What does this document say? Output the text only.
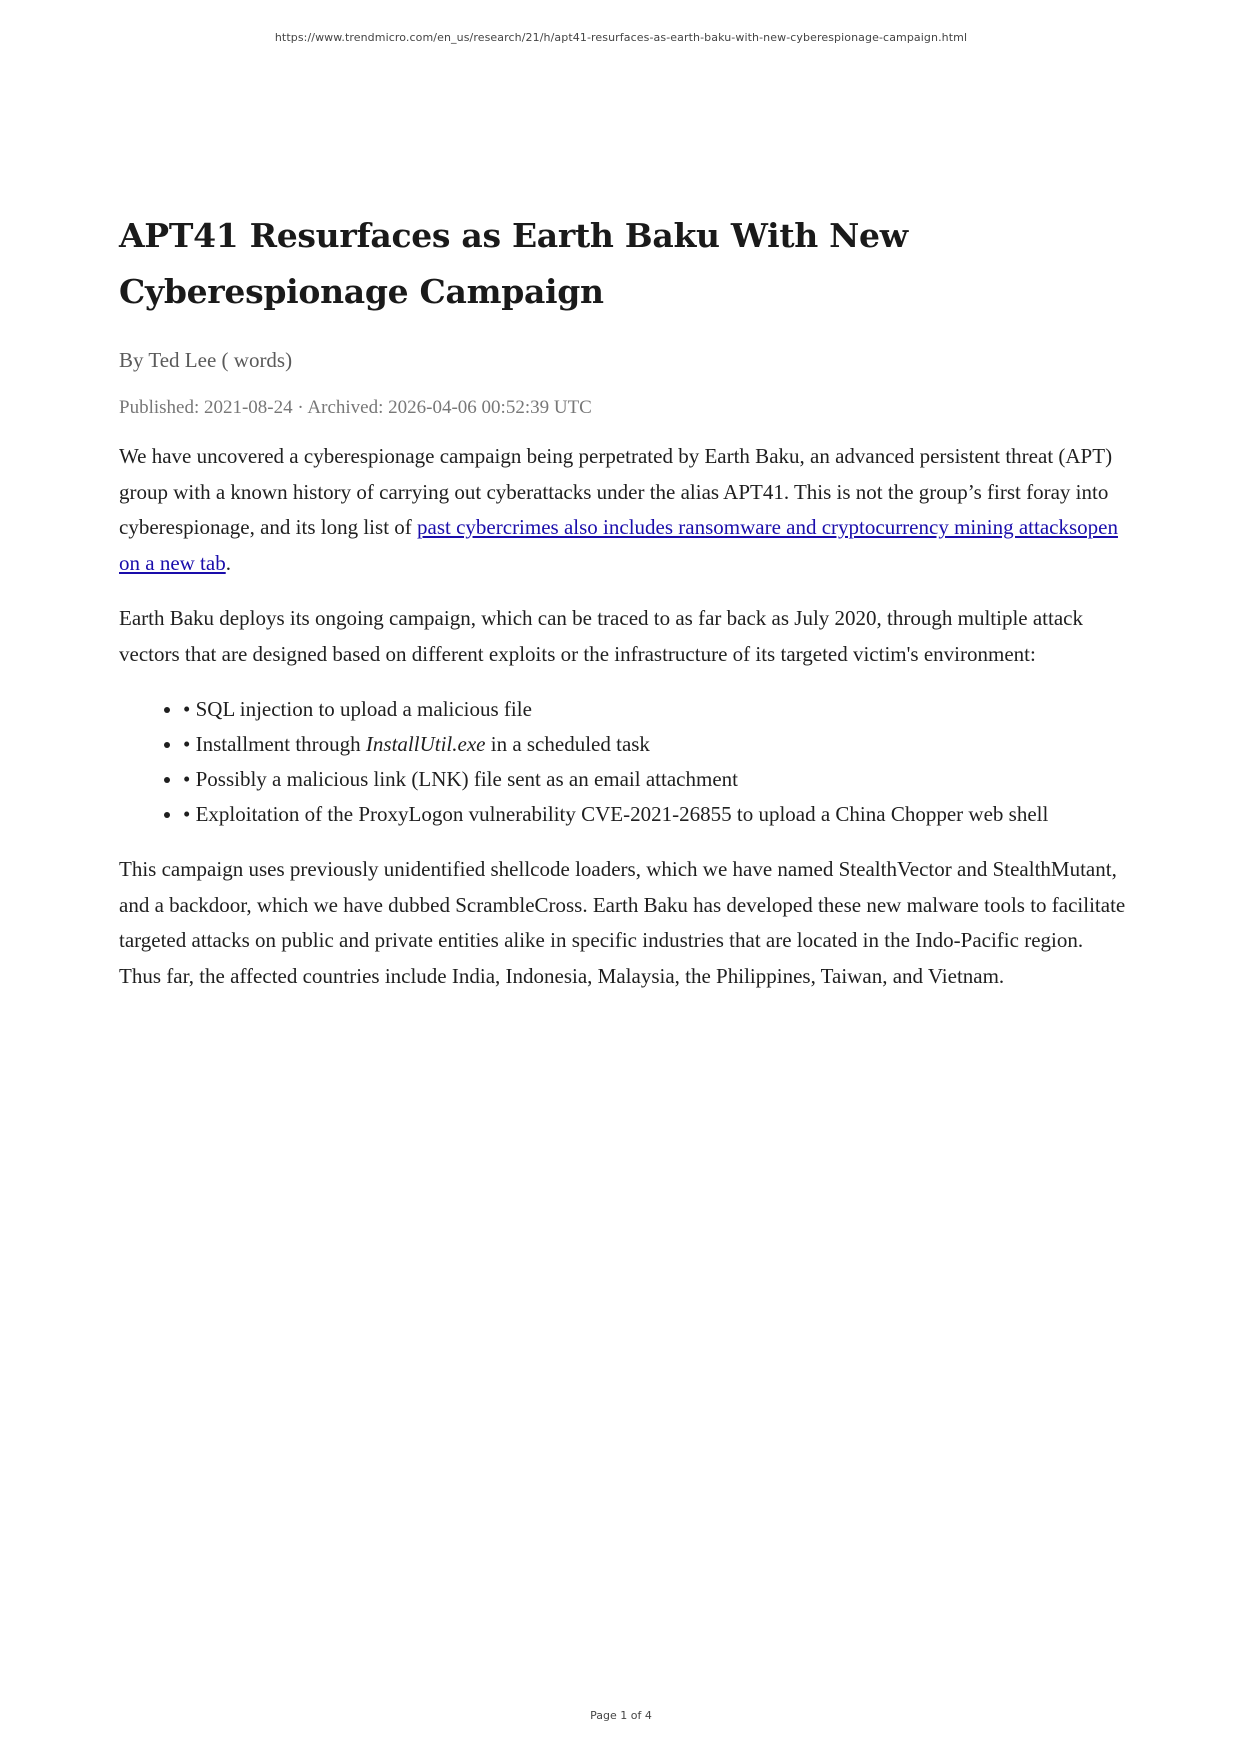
https://www.trendmicro.com/en_us/research/21/h/apt41-resurfaces-as-earth-baku-with-new-cyberespionage-campaign.html
APT41 Resurfaces as Earth Baku With New Cyberespionage Campaign
By Ted Lee ( words)
Published: 2021-08-24 · Archived: 2026-04-06 00:52:39 UTC

We have uncovered a cyberespionage campaign being perpetrated by Earth Baku, an advanced persistent threat (APT) group with a known history of carrying out cyberattacks under the alias APT41. This is not the group’s first foray into cyberespionage, and its long list of past cybercrimes also includes ransomware and cryptocurrency mining attacksopen on a new tab.

Earth Baku deploys its ongoing campaign, which can be traced to as far back as July 2020, through multiple attack vectors that are designed based on different exploits or the infrastructure of its targeted victim's environment:

• • SQL injection to upload a malicious file
• • Installment through InstallUtil.exe in a scheduled task
• • Possibly a malicious link (LNK) file sent as an email attachment
• • Exploitation of the ProxyLogon vulnerability CVE-2021-26855 to upload a China Chopper web shell

This campaign uses previously unidentified shellcode loaders, which we have named StealthVector and StealthMutant, and a backdoor, which we have dubbed ScrambleCross. Earth Baku has developed these new malware tools to facilitate targeted attacks on public and private entities alike in specific industries that are located in the Indo-Pacific region. Thus far, the affected countries include India, Indonesia, Malaysia, the Philippines, Taiwan, and Vietnam.

Page 1 of 4
